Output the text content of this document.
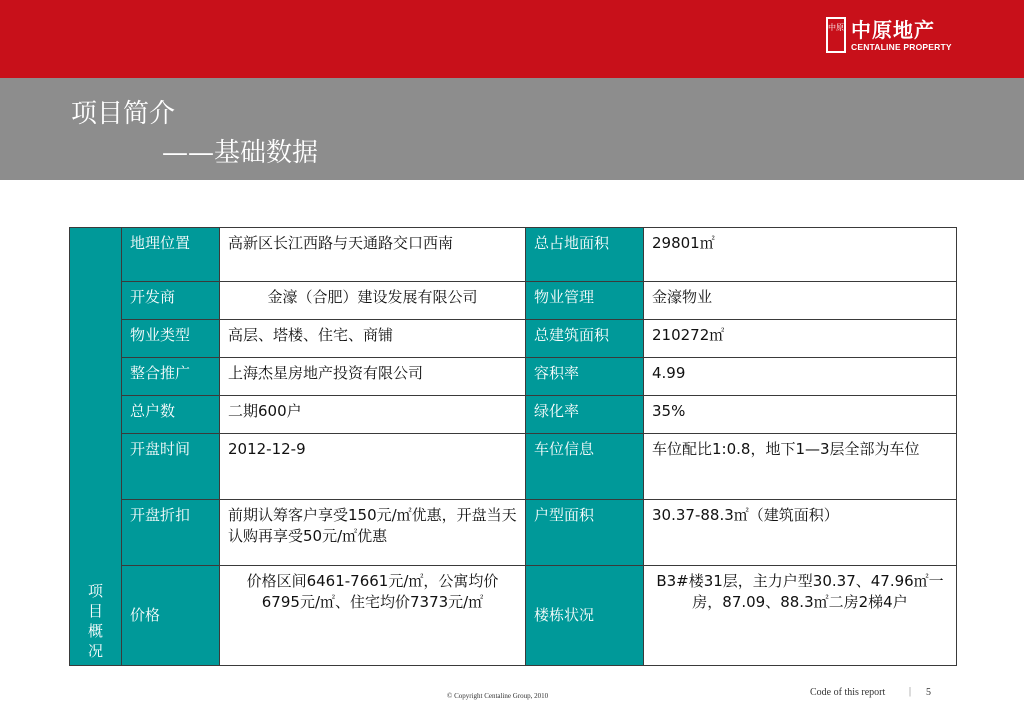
中原 中原地产
CENTALINE PROPERTY
项目简介
——基础数据
项目概况	地理位置	高新区长江西路与天通路交口西南	总占地面积	29801㎡
	开发商	金濠（合肥）建设发展有限公司	物业管理	金濠物业
	物业类型	高层、塔楼、住宅、商铺	总建筑面积	210272㎡
	整合推广	上海杰星房地产投资有限公司	容积率	4.99
	总户数	二期600户	绿化率	35%
	开盘时间	2012-12-9	车位信息	车位配比1:0.8，地下1—3层全部为车位
	开盘折扣	前期认筹客户享受150元/㎡优惠，开盘当天认购再享受50元/㎡优惠	户型面积	30.37-88.3㎡（建筑面积）
	价格	价格区间6461-7661元/㎡，公寓均价6795元/㎡、住宅均价7373元/㎡	楼栋状况	B3#楼31层，主力户型30.37、47.96㎡一房，87.09、88.3㎡二房2梯4户
© Copyright Centaline Group, 2010	Code of this report | 5
